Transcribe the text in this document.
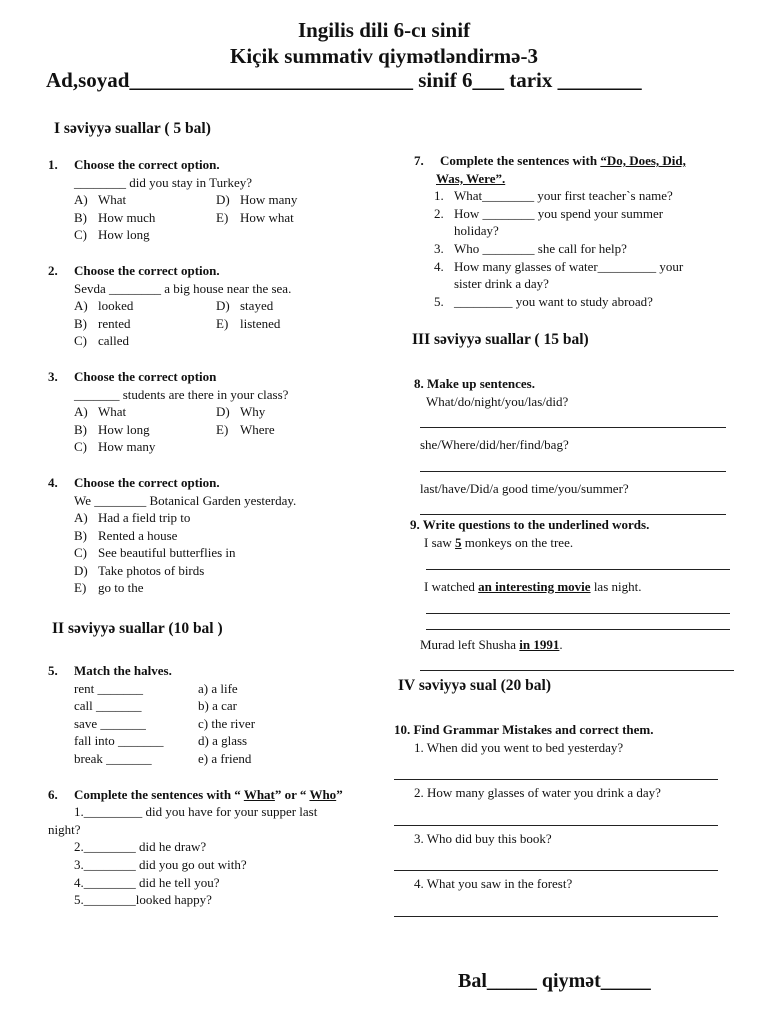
Ingilis dili 6-cı sinif
Kiçik summativ qiymətləndirmə-3
Ad,soyad___________________________ sinif 6___ tarix ________
I səviyyə suallar ( 5 bal)
1. Choose the correct option.
________ did you stay in Turkey?
A) What	D) How many
B) How much	E) How what
C) How long
2. Choose the correct option.
Sevda ________ a big house near the sea.
A) looked	D) stayed
B) rented	E) listened
C) called
3. Choose the correct option
_______ students are there in your class?
A) What	D) Why
B) How long	E) Where
C) How many
4. Choose the correct option.
We ________ Botanical Garden yesterday.
A) Had a field trip to
B) Rented a house
C) See beautiful butterflies in
D) Take photos of birds
E) go to the
II səviyyə suallar (10 bal )
5. Match the halves.
rent _______	a) a life
call _______	b) a car
save _______	c) the river
fall into _______	d) a glass
break _______	e) a friend
6. Complete the sentences with “ What” or “ Who”
1._________ did you have for your supper last
night?
2.________ did he draw?
3.________ did you go out with?
4.________ did he tell you?
5.________looked happy?
7. Complete the sentences with “Do, Does, Did,
Was, Were”.
1. What________ your first teacher`s name?
2. How ________ you spend your summer
holiday?
3. Who ________ she call for help?
4. How many glasses of water_________ your
sister drink a day?
5. _________ you want to study abroad?
III səviyyə suallar ( 15 bal)
8. Make up sentences.
What/do/night/you/las/did?
she/Where/did/her/find/bag?
last/have/Did/a good time/you/summer?
9. Write questions to the underlined words.
I saw 5 monkeys on the tree.
I watched an interesting movie las night.
Murad left Shusha in 1991.
IV səviyyə sual (20 bal)
10. Find Grammar Mistakes and correct them.
1. When did you went to bed yesterday?
2. How many glasses of water you drink a day?
3. Who did buy this book?
4. What you saw in the forest?
Bal_____ qiymət_____
